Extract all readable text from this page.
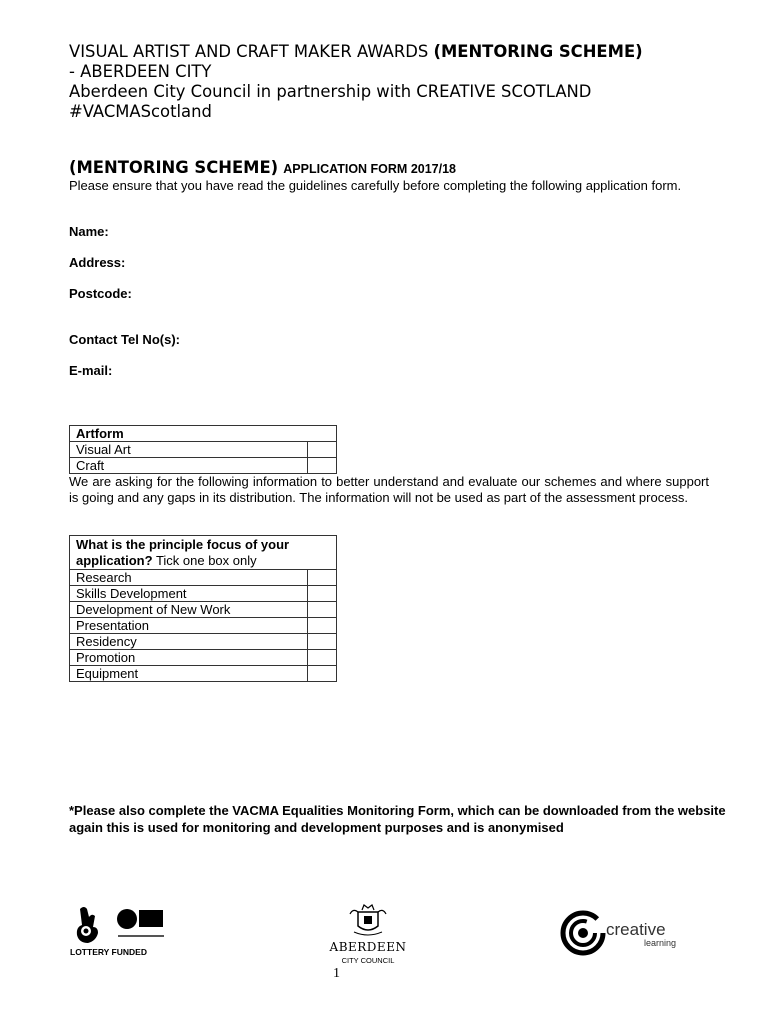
VISUAL ARTIST AND CRAFT MAKER AWARDS (MENTORING SCHEME)
- ABERDEEN CITY
Aberdeen City Council in partnership with CREATIVE SCOTLAND
#VACMAScotland
(MENTORING SCHEME) APPLICATION FORM 2017/18
Please ensure that you have read the guidelines carefully before completing the following application form.
Name:
Address:
Postcode:
Contact Tel No(s):
E-mail:
Artform	
Visual Art	
Craft	
We are asking for the following information to better understand and evaluate our schemes and where support is going and any gaps in its distribution. The information will not be used as part of the assessment process.
What is the principle focus of your application? Tick one box only	
Research	
Skills Development	
Development of New Work	
Presentation	
Residency	
Promotion	
Equipment	
*Please also complete the VACMA Equalities Monitoring Form, which can be downloaded from the website again this is used for monitoring and development purposes and is anonymised
LOTTERY FUNDED	ABERDEEN
CITY COUNCIL
creative
learning
1
